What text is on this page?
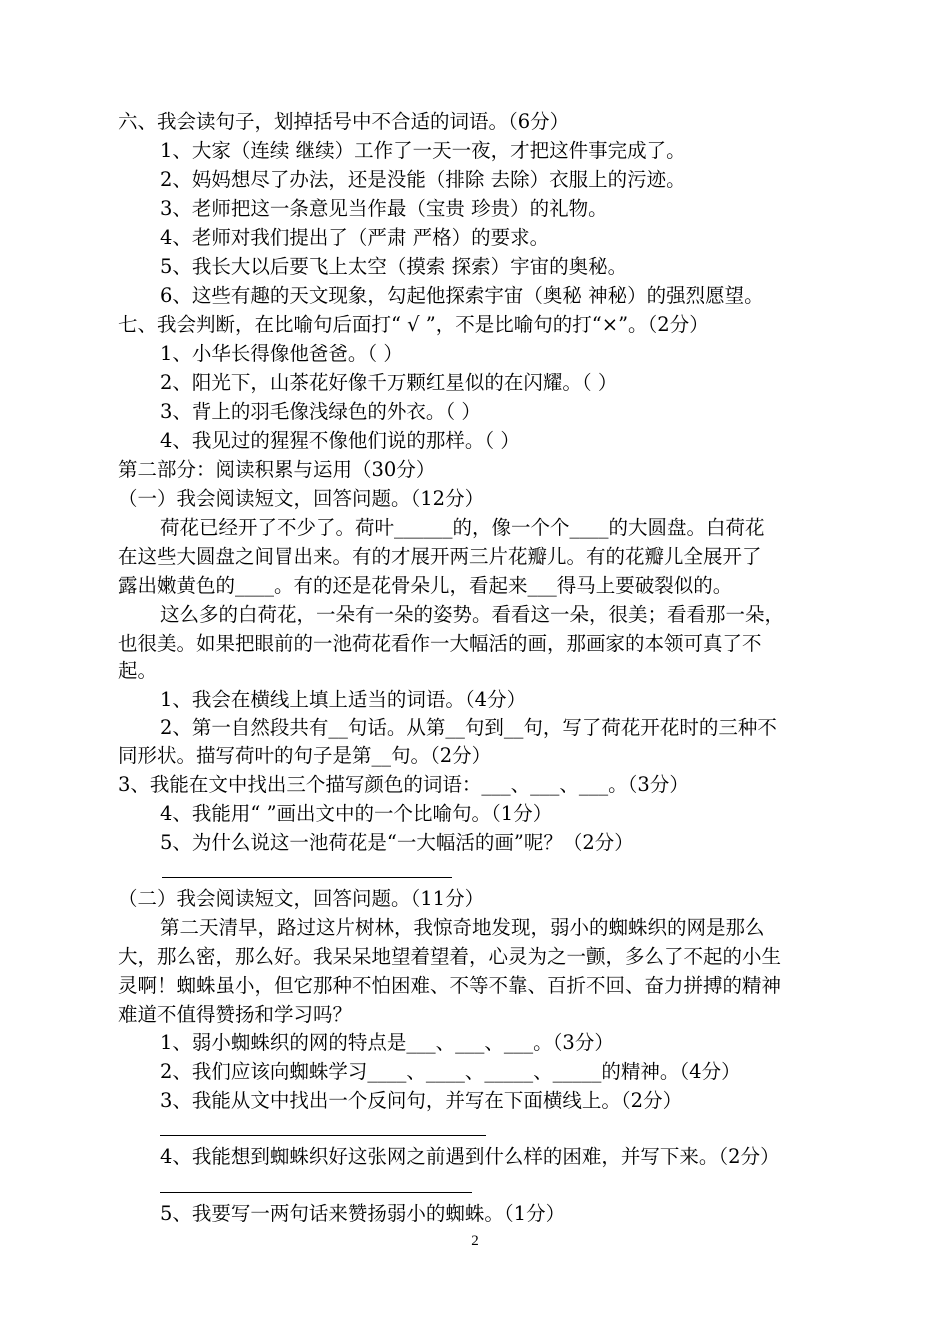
六、我会读句子，划掉括号中不合适的词语。（6分）
1、大家（连续 继续）工作了一天一夜，才把这件事完成了。
2、妈妈想尽了办法，还是没能（排除 去除）衣服上的污迹。
3、老师把这一条意见当作最（宝贵 珍贵）的礼物。
4、老师对我们提出了（严肃 严格）的要求。
5、我长大以后要飞上太空（摸索 探索）宇宙的奥秘。
6、这些有趣的天文现象，勾起他探索宇宙（奥秘 神秘）的强烈愿望。
七、我会判断，在比喻句后面打“ √ ”，不是比喻句的打“×”。（2分）
1、小华长得像他爸爸。（ ）
2、阳光下，山茶花好像千万颗红星似的在闪耀。（ ）
3、背上的羽毛像浅绿色的外衣。（ ）
4、我见过的猩猩不像他们说的那样。（ ）
第二部分：阅读积累与运用（30分）
（一）我会阅读短文，回答问题。（12分）
荷花已经开了不少了。荷叶______的，像一个个____的大圆盘。白荷花
在这些大圆盘之间冒出来。有的才展开两三片花瓣儿。有的花瓣儿全展开了
露出嫩黄色的____。有的还是花骨朵儿，看起来___得马上要破裂似的。
这么多的白荷花，一朵有一朵的姿势。看看这一朵，很美；看看那一朵，
也很美。如果把眼前的一池荷花看作一大幅活的画，那画家的本领可真了不
起。
1、我会在横线上填上适当的词语。（4分）
2、第一自然段共有__句话。从第__句到__句，写了荷花开花时的三种不
同形状。描写荷叶的句子是第__句。（2分）
3、我能在文中找出三个描写颜色的词语：___、___、___。（3分）
4、我能用“ ”画出文中的一个比喻句。（1分）
5、为什么说这一池荷花是“一大幅活的画”呢？（2分）
（二）我会阅读短文，回答问题。（11分）
第二天清早，路过这片树林，我惊奇地发现，弱小的蜘蛛织的网是那么
大，那么密，那么好。我呆呆地望着望着，心灵为之一颤，多么了不起的小生
灵啊！蜘蛛虽小，但它那种不怕困难、不等不靠、百折不回、奋力拼搏的精神
难道不值得赞扬和学习吗？
1、弱小蜘蛛织的网的特点是___、___、___。（3分）
2、我们应该向蜘蛛学习____、____、_____、_____的精神。（4分）
3、我能从文中找出一个反问句，并写在下面横线上。（2分）
4、我能想到蜘蛛织好这张网之前遇到什么样的困难，并写下来。（2分）
5、我要写一两句话来赞扬弱小的蜘蛛。（1分）
2
